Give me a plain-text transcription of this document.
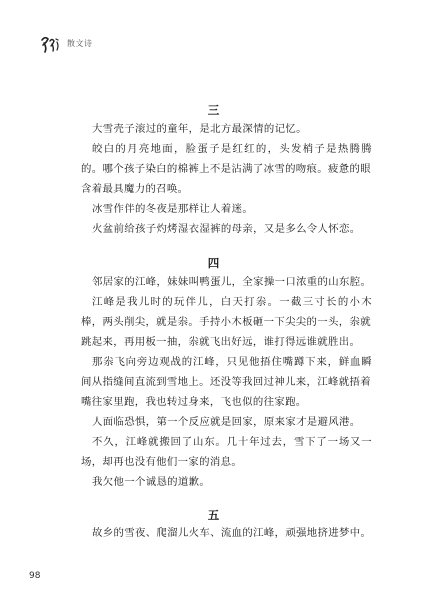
散文诗
三
大雪壳子滚过的童年，是北方最深情的记忆。
皎白的月亮地面，脸蛋子是红红的，头发梢子是热腾腾
的。哪个孩子染白的棉裤上不是沾满了冰雪的吻痕。疲惫的眼
含着最具魔力的召唤。
冰雪作伴的冬夜是那样让人着迷。
火盆前给孩子灼烤湿衣湿裤的母亲，又是多么令人怀恋。
四
邻居家的江峰，妹妹叫鸭蛋儿，全家操一口浓重的山东腔。
江峰是我儿时的玩伴儿，白天打尜。一截三寸长的小木
棒，两头削尖，就是尜。手持小木板砸一下尖尖的一头，尜就
跳起来，再用板一抽，尜就飞出好远，谁打得远谁就胜出。
那尜飞向旁边观战的江峰，只见他捂住嘴蹲下来，鲜血瞬
间从指缝间直流到雪地上。还没等我回过神儿来，江峰就捂着
嘴往家里跑，我也转过身来，飞也似的往家跑。
人面临恐惧，第一个反应就是回家，原来家才是避风港。
不久，江峰就搬回了山东。几十年过去，雪下了一场又一
场，却再也没有他们一家的消息。
我欠他一个诚恳的道歉。
五
故乡的雪夜、爬溜儿火车、流血的江峰，顽强地挤进梦中。
98
